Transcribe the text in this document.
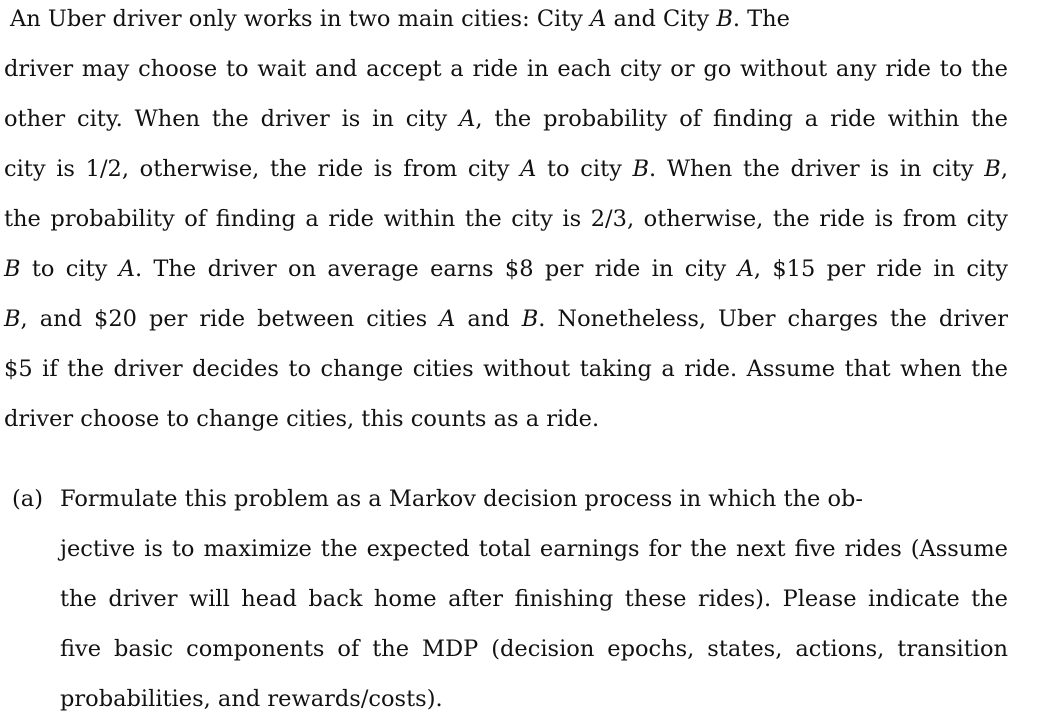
An Uber driver only works in two main cities: City A and City B. The
driver may choose to wait and accept a ride in each city or go without any ride to the
other city. When the driver is in city A, the probability of finding a ride within the
city is 1/2, otherwise, the ride is from city A to city B. When the driver is in city B,
the probability of finding a ride within the city is 2/3, otherwise, the ride is from city
B to city A. The driver on average earns $8 per ride in city A, $15 per ride in city
B, and $20 per ride between cities A and B. Nonetheless, Uber charges the driver
$5 if the driver decides to change cities without taking a ride. Assume that when the
driver choose to change cities, this counts as a ride.
(a) Formulate this problem as a Markov decision process in which the ob-
jective is to maximize the expected total earnings for the next five rides (Assume
the driver will head back home after finishing these rides). Please indicate the
five basic components of the MDP (decision epochs, states, actions, transition
probabilities, and rewards/costs).
